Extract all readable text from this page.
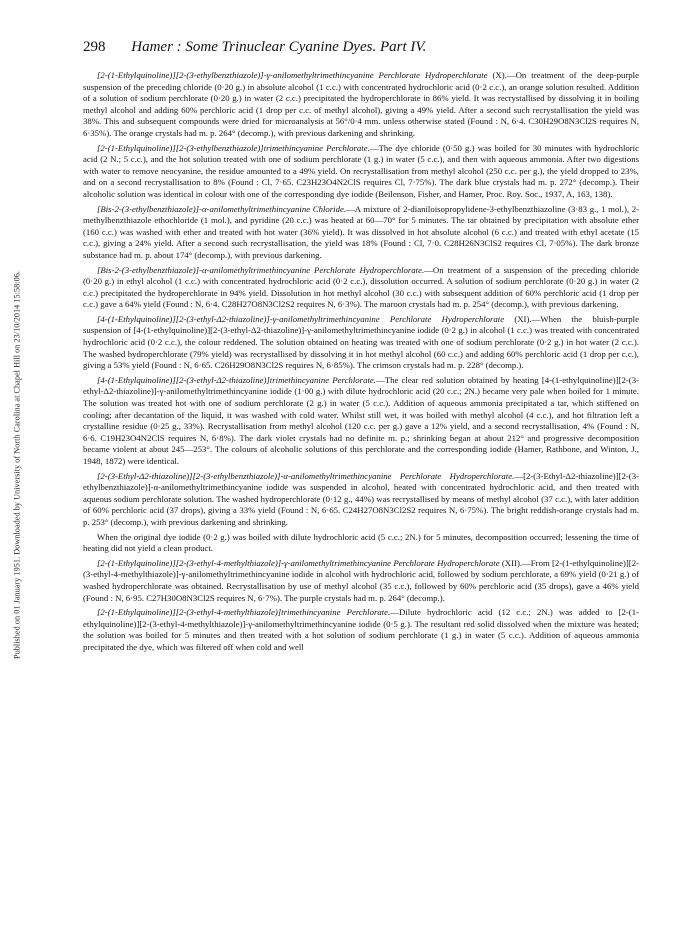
Published on 01 January 1951. Downloaded by University of North Carolina at Chapel Hill on 23/10/2014 15:58:06.
298 Hamer : Some Trinuclear Cyanine Dyes. Part IV.

[2-(1-Ethylquinoline)][2-(3-ethylbenzthiazole)]-γ-anilomethyltrimethincyanine Perchlorate Hydroperchlorate (X).—On treatment of the deep-purple suspension of the preceding chloride (0·20 g.) in absolute alcohol (1 c.c.) with concentrated hydrochloric acid (0·2 c.c.), an orange solution resulted. Addition of a solution of sodium perchlorate (0·20 g.) in water (2 c.c.) precipitated the hydroperchlorate in 86% yield. It was recrystallised by dissolving it in boiling methyl alcohol and adding 60% perchloric acid (1 drop per c.c. of methyl alcohol), giving a 49% yield. After a second such recrystallisation the yield was 38%. This and subsequent compounds were dried for microanalysis at 56°/0·4 mm. unless otherwise stated (Found : N, 6·4. C30H29O8N3Cl2S requires N, 6·35%). The orange crystals had m. p. 264° (decomp.), with previous darkening and shrinking.

[2-(1-Ethylquinoline)][2-(3-ethylbenzthiazole)]trimethincyanine Perchlorate.—The dye chloride (0·50 g.) was boiled for 30 minutes with hydrochloric acid (2 N.; 5 c.c.), and the hot solution treated with one of sodium perchlorate (1 g.) in water (5 c.c.), and then with aqueous ammonia. After two digestions with water to remove neocyanine, the residue amounted to a 49% yield. On recrystallisation from methyl alcohol (250 c.c. per g.), the yield dropped to 23%, and on a second recrystallisation to 8% (Found : Cl, 7·65. C23H23O4N2ClS requires Cl, 7·75%). The dark blue crystals had m. p. 272° (decomp.). Their alcoholic solution was identical in colour with one of the corresponding dye iodide (Beilenson, Fisher, and Hamer, Proc. Roy. Soc., 1937, A, 163, 138).

[Bis-2-(3-ethylbenzthiazole)]-α-anilomethyltrimethincyanine Chloride.—A mixture of 2-dianiloisopropylidene-3-ethylbenzthiazoline (3·83 g., 1 mol.), 2-methylbenzthiazole ethochloride (1 mol.), and pyridine (20 c.c.) was heated at 60—70° for 5 minutes. The tar obtained by precipitation with absolute ether (160 c.c.) was washed with ether and treated with hot water (36% yield). It was dissolved in hot absolute alcohol (6 c.c.) and treated with ethyl acetate (15 c.c.), giving a 24% yield. After a second such recrystallisation, the yield was 18% (Found : Cl, 7·0. C28H26N3ClS2 requires Cl, 7·05%). The dark bronze substance had m. p. about 174° (decomp.), with previous darkening.

[Bis-2-(3-ethylbenzthiazole)]-α-anilomethyltrimethincyanine Perchlorate Hydroperchlorate.—On treatment of a suspension of the preceding chloride (0·20 g.) in ethyl alcohol (1 c.c.) with concentrated hydrochloric acid (0·2 c.c.), dissolution occurred. A solution of sodium perchlorate (0·20 g.) in water (2 c.c.) precipitated the hydroperchlorate in 94% yield. Dissolution in hot methyl alcohol (30 c.c.) with subsequent addition of 60% perchloric acid (1 drop per c.c.) gave a 64% yield (Found : N, 6·4. C28H27O8N3Cl2S2 requires N, 6·3%). The maroon crystals had m. p. 254° (decomp.), with previous darkening.

[4-(1-Ethylquinoline)][2-(3-ethyl-Δ2-thiazoline)]-γ-anilomethyltrimethincyanine Perchlorate Hydroperchlorate (XI).—When the bluish-purple suspension of [4-(1-ethylquinoline)][2-(3-ethyl-Δ2-thiazoline)]-γ-anilomethyltrimethincyanine iodide (0·2 g.) in alcohol (1 c.c.) was treated with concentrated hydrochloric acid (0·2 c.c.), the colour reddened. The solution obtained on heating was treated with one of sodium perchlorate (0·2 g.) in hot water (2 c.c.). The washed hydroperchlorate (79% yield) was recrystallised by dissolving it in hot methyl alcohol (60 c.c.) and adding 60% perchloric acid (1 drop per c.c.), giving a 53% yield (Found : N, 6·65. C26H29O8N3Cl2S requires N, 6·85%). The crimson crystals had m. p. 228° (decomp.).

[4-(1-Ethylquinoline)][2-(3-ethyl-Δ2-thiazoline)]trimethincyanine Perchlorate.—The clear red solution obtained by heating [4-(1-ethylquinoline)][2-(3-ethyl-Δ2-thiazoline)]-γ-anilomethyltrimethincyanine iodide (1·00 g.) with dilute hydrochloric acid (20 c.c.; 2N.) became very pale when boiled for 1 minute. The solution was treated hot with one of sodium perchlorate (2 g.) in water (5 c.c.). Addition of aqueous ammonia precipitated a tar, which stiffened on cooling; after decantation of the liquid, it was washed with cold water. Whilst still wet, it was boiled with methyl alcohol (4 c.c.), and hot filtration left a crystalline residue (0·25 g., 33%). Recrystallisation from methyl alcohol (120 c.c. per g.) gave a 12% yield, and a second recrystallisation, 4% (Found : N, 6·6. C19H23O4N2ClS requires N, 6·8%). The dark violet crystals had no definite m. p.; shrinking began at about 212° and progressive decomposition became violent at about 245—253°. The colours of alcoholic solutions of this perchlorate and the corresponding iodide (Hamer, Rathbone, and Winton, J., 1948, 1872) were identical.

[2-(3-Ethyl-Δ2-thiazoline)][2-(3-ethylbenzthiazole)]-α-anilomethyltrimethincyanine Perchlorate Hydroperchlorate.—[2-(3-Ethyl-Δ2-thiazoline)][2-(3-ethylbenzthiazole)]-α-anilomethyltrimethincyanine iodide was suspended in alcohol, heated with concentrated hydrochloric acid, and then treated with aqueous sodium perchlorate solution. The washed hydroperchlorate (0·12 g., 44%) was recrystallised by means of methyl alcohol (37 c.c.), with later addition of 60% perchloric acid (37 drops), giving a 33% yield (Found : N, 6·65. C24H27O8N3Cl2S2 requires N, 6·75%). The bright reddish-orange crystals had m. p. 253° (decomp.), with previous darkening and shrinking.

When the original dye iodide (0·2 g.) was boiled with dilute hydrochloric acid (5 c.c.; 2N.) for 5 minutes, decomposition occurred; lessening the time of heating did not yield a clean product.

[2-(1-Ethylquinoline)][2-(3-ethyl-4-methylthiazole)]-γ-anilomethyltrimethincyanine Perchlorate Hydroperchlorate (XII).—From [2-(1-ethylquinoline)][2-(3-ethyl-4-methylthiazole)]-γ-anilomethyltrimethincyanine iodide in alcohol with hydrochloric acid, followed by sodium perchlorate, a 69% yield (0·21 g.) of washed hydroperchlorate was obtained. Recrystallisation by use of methyl alcohol (35 c.c.), followed by 60% perchloric acid (35 drops), gave a 46% yield (Found : N, 6·95. C27H30O8N3Cl2S requires N, 6·7%). The purple crystals had m. p. 264° (decomp.).

[2-(1-Ethylquinoline)][2-(3-ethyl-4-methylthiazole)]trimethincyanine Perchlorate.—Dilute hydrochloric acid (12 c.c.; 2N.) was added to [2-(1-ethylquinoline)][2-(3-ethyl-4-methylthiazole)]-γ-anilomethyltrimethincyanine iodide (0·5 g.). The resultant red solid dissolved when the mixture was heated; the solution was boiled for 5 minutes and then treated with a hot solution of sodium perchlorate (1 g.) in water (5 c.c.). Addition of aqueous ammonia precipitated the dye, which was filtered off when cold and well
